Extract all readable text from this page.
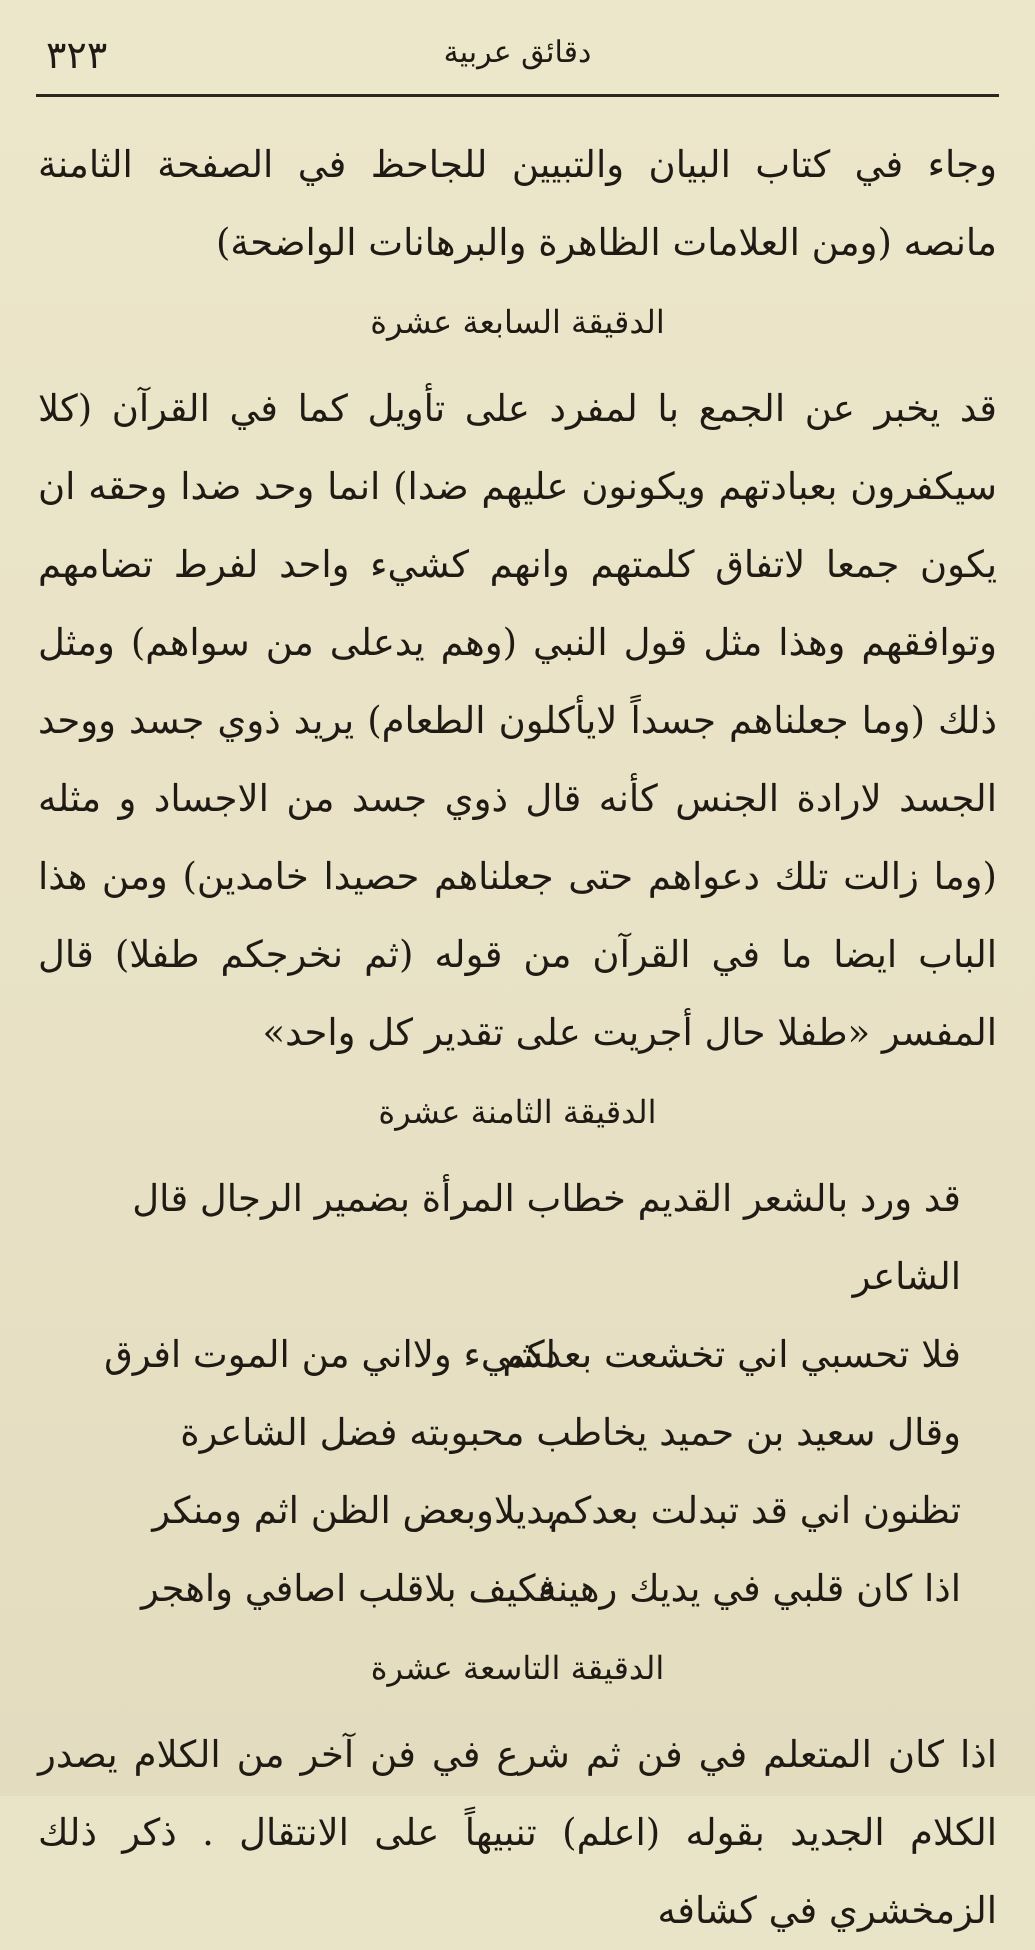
٣٢٣	دقائق عربية

وجاء في كتاب البيان والتبيين للجاحظ في الصفحة الثامنة مانصه (ومن العلامات الظاهرة والبرهانات الواضحة)

الدقيقة السابعة عشرة

قد يخبر عن الجمع با لمفرد على تأويل كما في القرآن (كلا سيكفرون بعبادتهم ويكونون عليهم ضدا) انما وحد ضدا وحقه ان يكون جمعا لاتفاق كلمتهم وانهم كشيء واحد لفرط تضامهم وتوافقهم وهذا مثل قول النبي (وهم يدعلى من سواهم) ومثل ذلك (وما جعلناهم جسداً لايأكلون الطعام) يريد ذوي جسد ووحد الجسد لارادة الجنس كأنه قال ذوي جسد من الاجساد و مثله (وما زالت تلك دعواهم حتى جعلناهم حصيدا خامدين) ومن هذا الباب ايضا ما في القرآن من قوله (ثم نخرجكم طفلا) قال المفسر «طفلا حال أجريت على تقدير كل واحد»

الدقيقة الثامنة عشرة

قد ورد بالشعر القديم خطاب المرأة بضمير الرجال قال الشاعر

فلا تحسبي اني تخشعت بعدكم
لشيء ولااني من الموت افرق

وقال سعيد بن حميد يخاطب محبوبته فضل الشاعرة

تظنون اني قد تبدلت بعدكم
بديلاوبعض الظن اثم ومنكر
اذا كان قلبي في يديك رهينة
فكيف بلاقلب اصافي واهجر
الدقيقة التاسعة عشرة

اذا كان المتعلم في فن ثم شرع في فن آخر من الكلام يصدر الكلام الجديد بقوله (اعلم) تنبيهاً على الانتقال . ذكر ذلك الزمخشري في كشافه
